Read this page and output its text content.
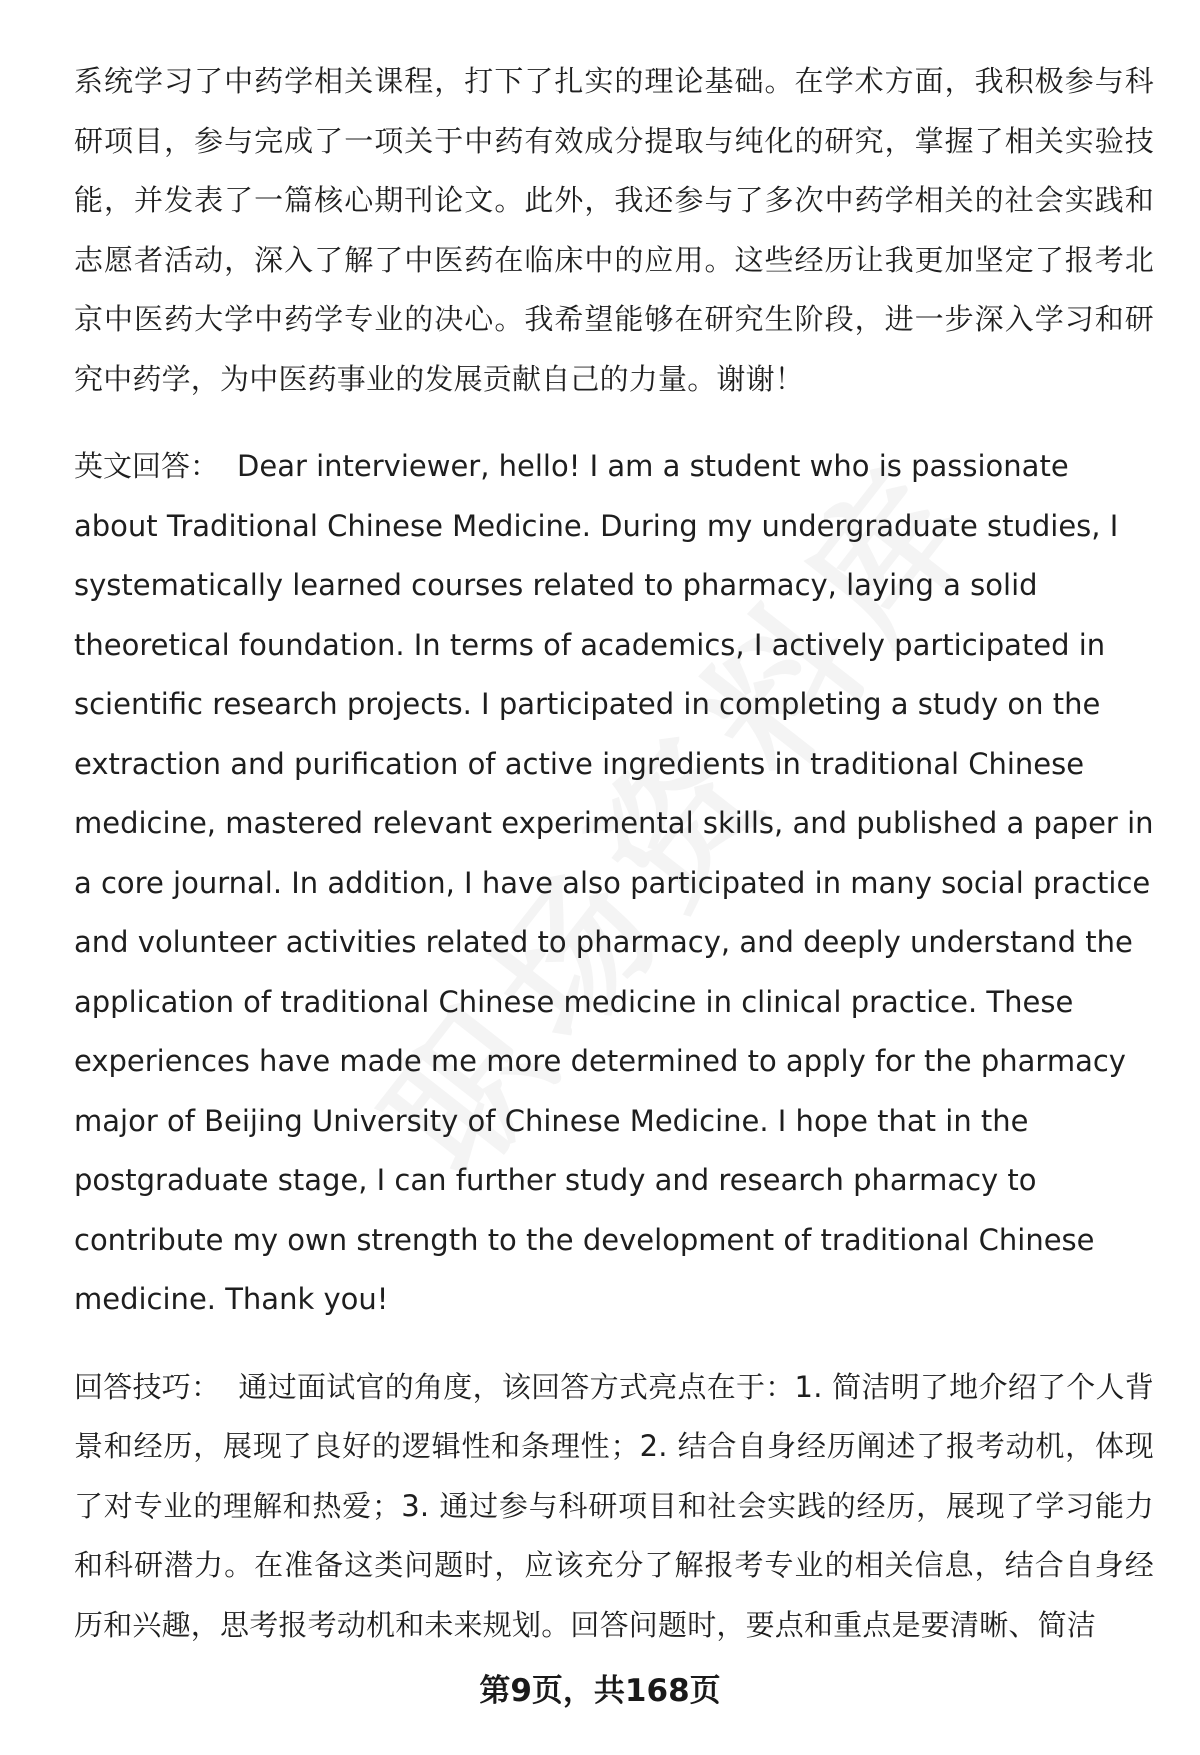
系统学习了中药学相关课程，打下了扎实的理论基础。在学术方面，我积极参与科研项目，参与完成了一项关于中药有效成分提取与纯化的研究，掌握了相关实验技能，并发表了一篇核心期刊论文。此外，我还参与了多次中药学相关的社会实践和志愿者活动，深入了解了中医药在临床中的应用。这些经历让我更加坚定了报考北京中医药大学中药学专业的决心。我希望能够在研究生阶段，进一步深入学习和研究中药学，为中医药事业的发展贡献自己的力量。谢谢！

英文回答： Dear interviewer, hello! I am a student who is passionate about Traditional Chinese Medicine. During my undergraduate studies, I systematically learned courses related to pharmacy, laying a solid theoretical foundation. In terms of academics, I actively participated in scientific research projects. I participated in completing a study on the extraction and purification of active ingredients in traditional Chinese medicine, mastered relevant experimental skills, and published a paper in a core journal. In addition, I have also participated in many social practice and volunteer activities related to pharmacy, and deeply understand the application of traditional Chinese medicine in clinical practice. These experiences have made me more determined to apply for the pharmacy major of Beijing University of Chinese Medicine. I hope that in the postgraduate stage, I can further study and research pharmacy to contribute my own strength to the development of traditional Chinese medicine. Thank you!

回答技巧： 通过面试官的角度，该回答方式亮点在于：1. 简洁明了地介绍了个人背景和经历，展现了良好的逻辑性和条理性；2. 结合自身经历阐述了报考动机，体现了对专业的理解和热爱；3. 通过参与科研项目和社会实践的经历，展现了学习能力和科研潜力。在准备这类问题时，应该充分了解报考专业的相关信息，结合自身经历和兴趣，思考报考动机和未来规划。回答问题时，要点和重点是要清晰、简洁

第9页，共168页
